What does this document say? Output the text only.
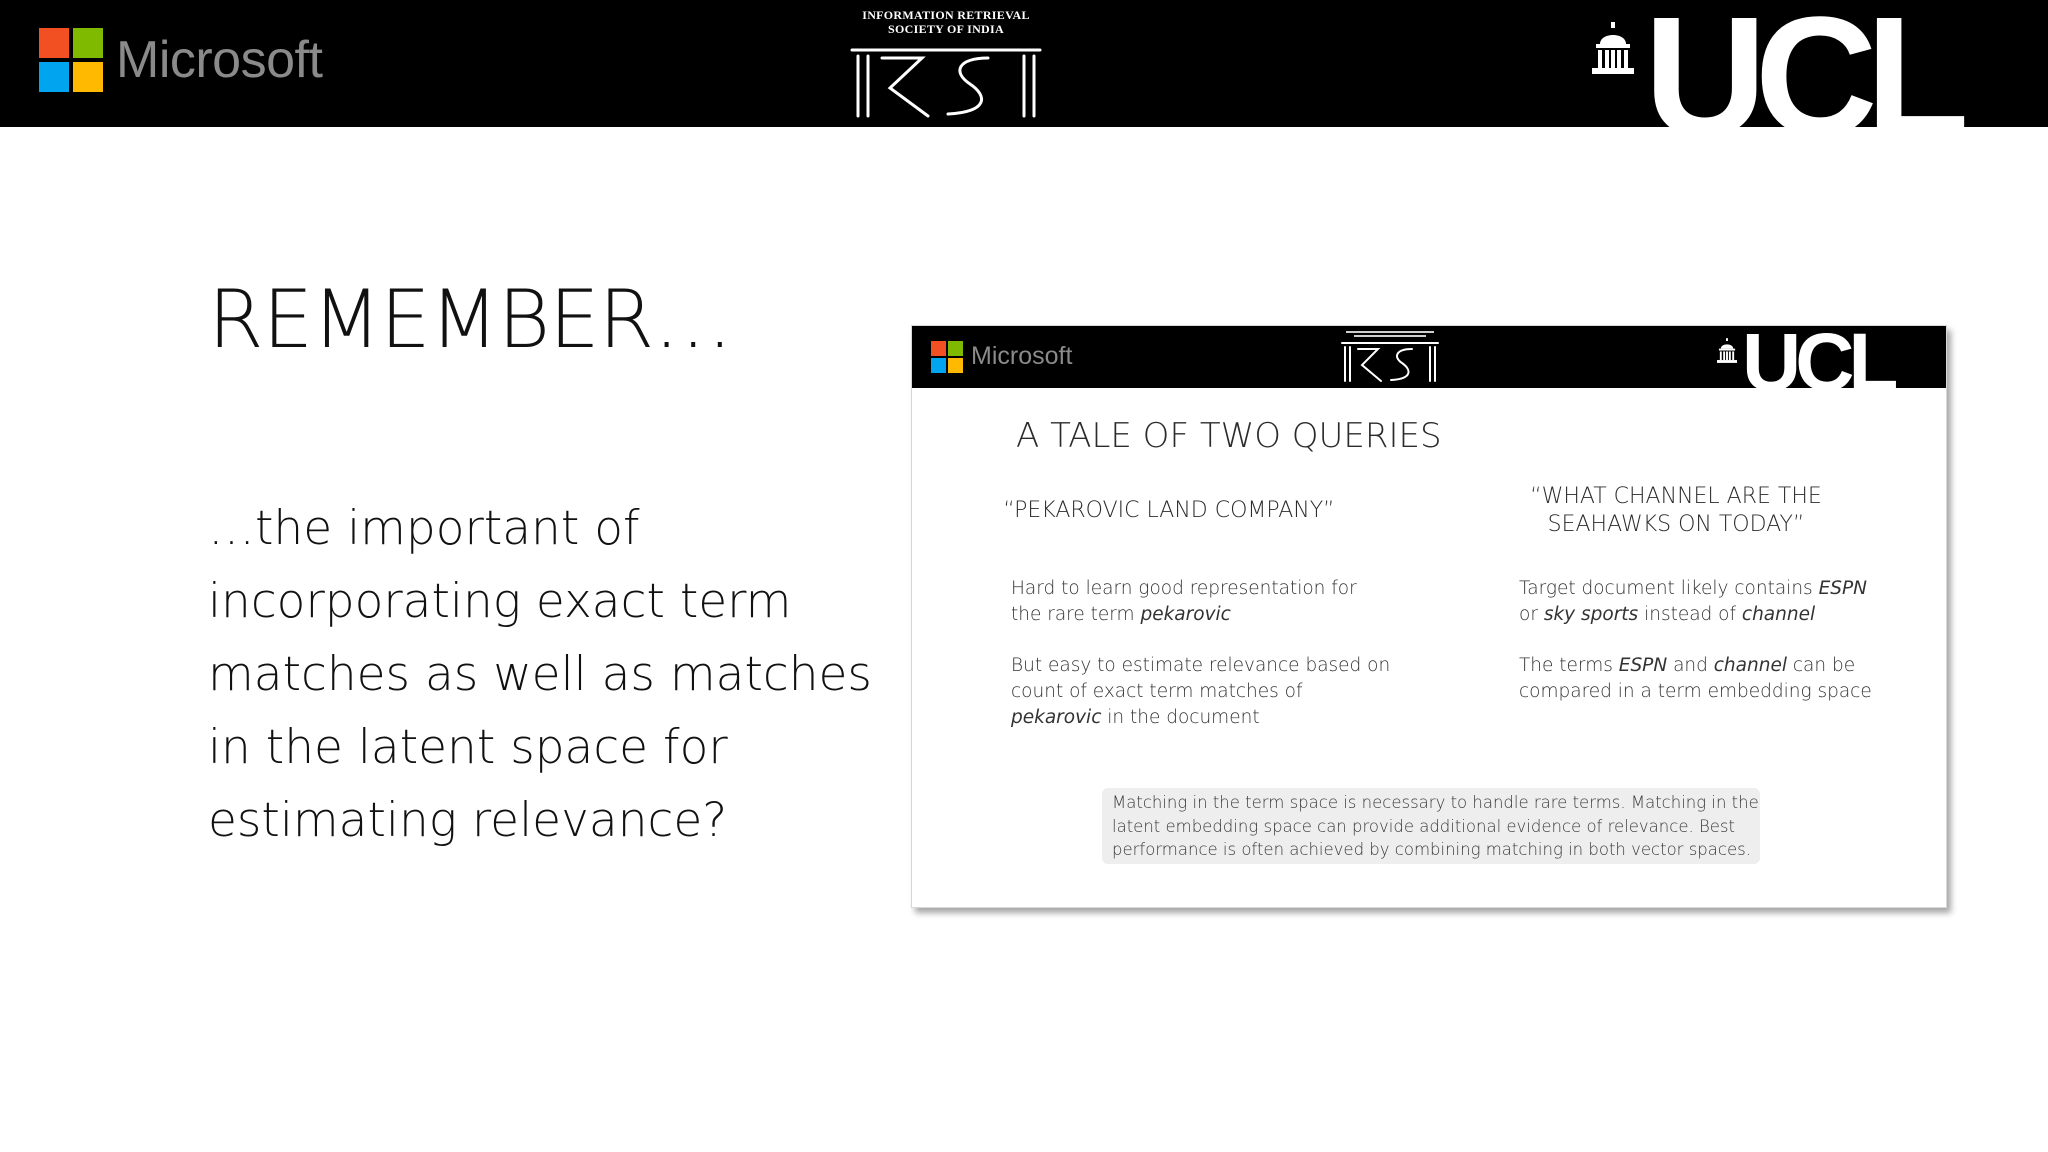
Microsoft
INFORMATION RETRIEVAL
SOCIETY OF INDIA	UCL
REMEMBER…
…the important of
incorporating exact term
matches as well as matches
in the latent space for
estimating relevance?
Microsoft	UCL
A TALE OF TWO QUERIES
“PEKAROVIC LAND COMPANY”
“WHAT CHANNEL ARE THE
SEAHAWKS ON TODAY”
Hard to learn good representation for
the rare term pekarovic
But easy to estimate relevance based on
count of exact term matches of
pekarovic in the document
Target document likely contains ESPN
or sky sports instead of channel
The terms ESPN and channel can be
compared in a term embedding space
Matching in the term space is necessary to handle rare terms. Matching in the
latent embedding space can provide additional evidence of relevance. Best
performance is often achieved by combining matching in both vector spaces.
